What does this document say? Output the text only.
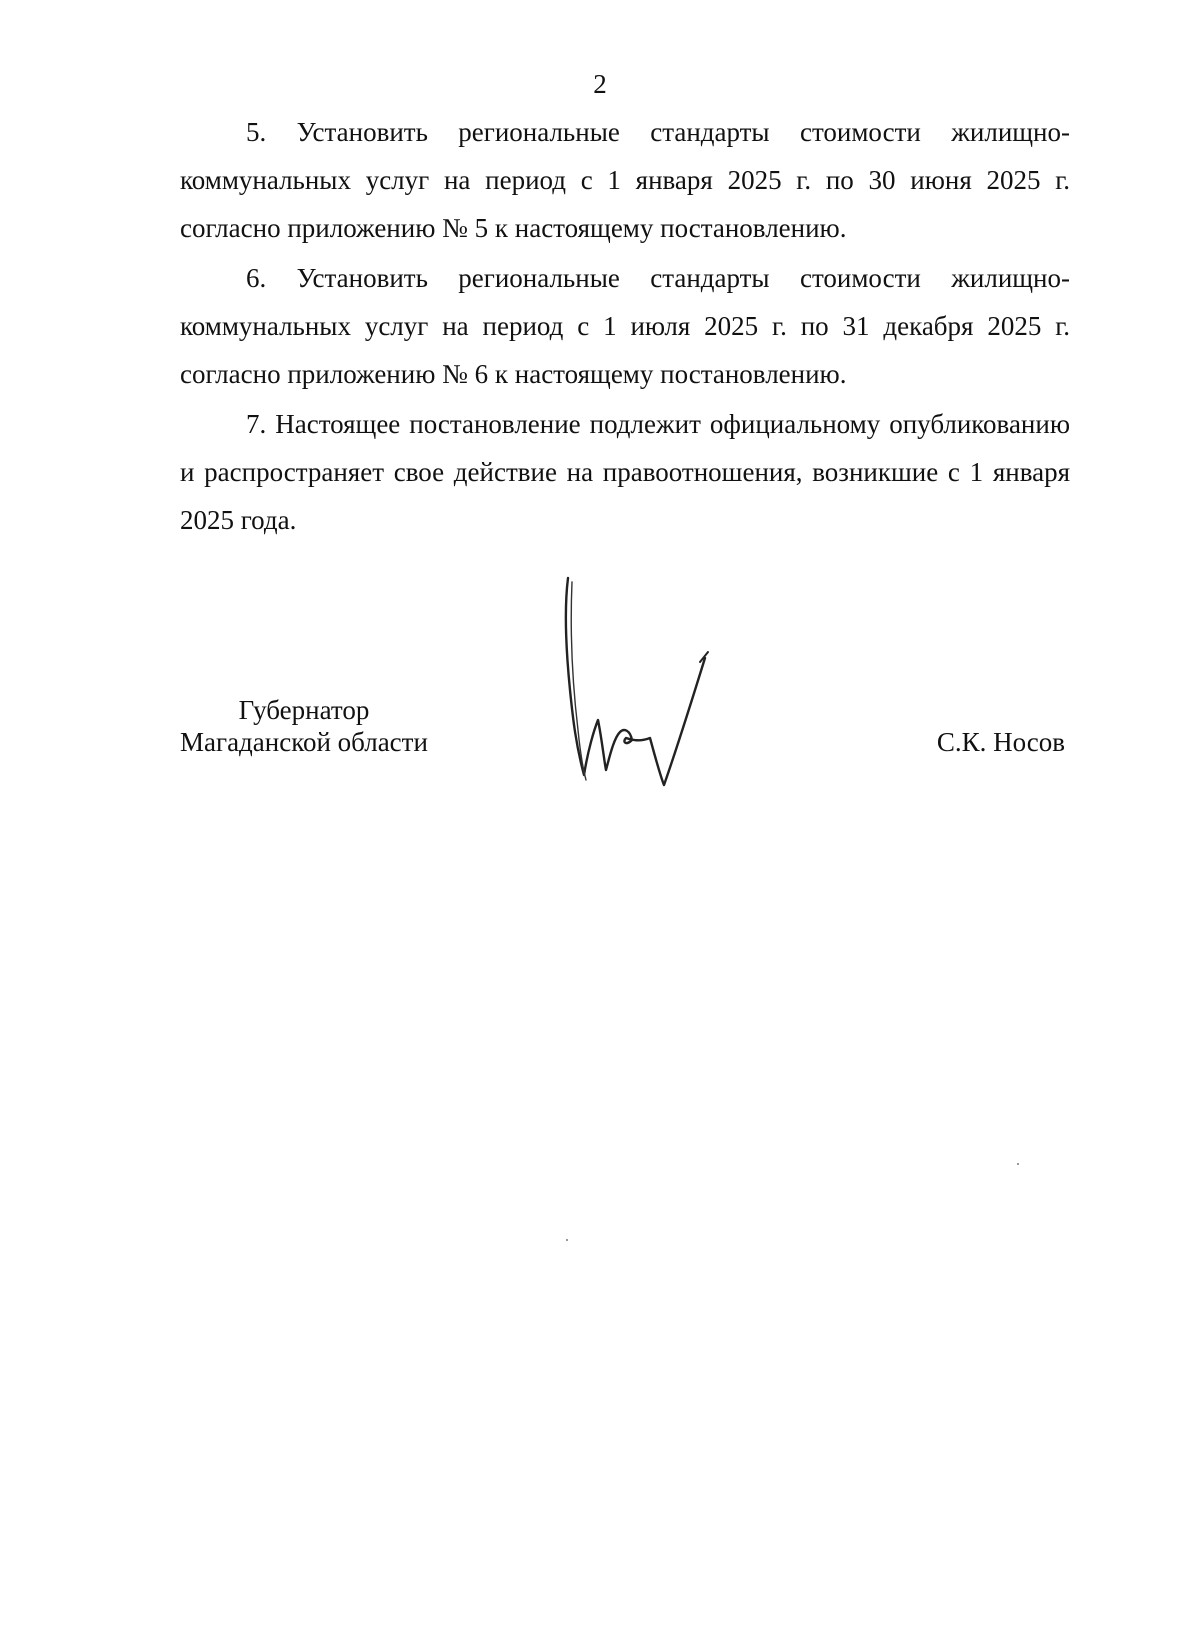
2

5. Установить региональные стандарты стоимости жилищно-коммунальных услуг на период с 1 января 2025 г. по 30 июня 2025 г. согласно приложению № 5 к настоящему постановлению.

6. Установить региональные стандарты стоимости жилищно-коммунальных услуг на период с 1 июля 2025 г. по 31 декабря 2025 г. согласно приложению № 6 к настоящему постановлению.

7. Настоящее постановление подлежит официальному опубликованию и распространяет свое действие на правоотношения, возникшие с 1 января 2025 года.

Губернатор
Магаданской области	С.К. Носов
